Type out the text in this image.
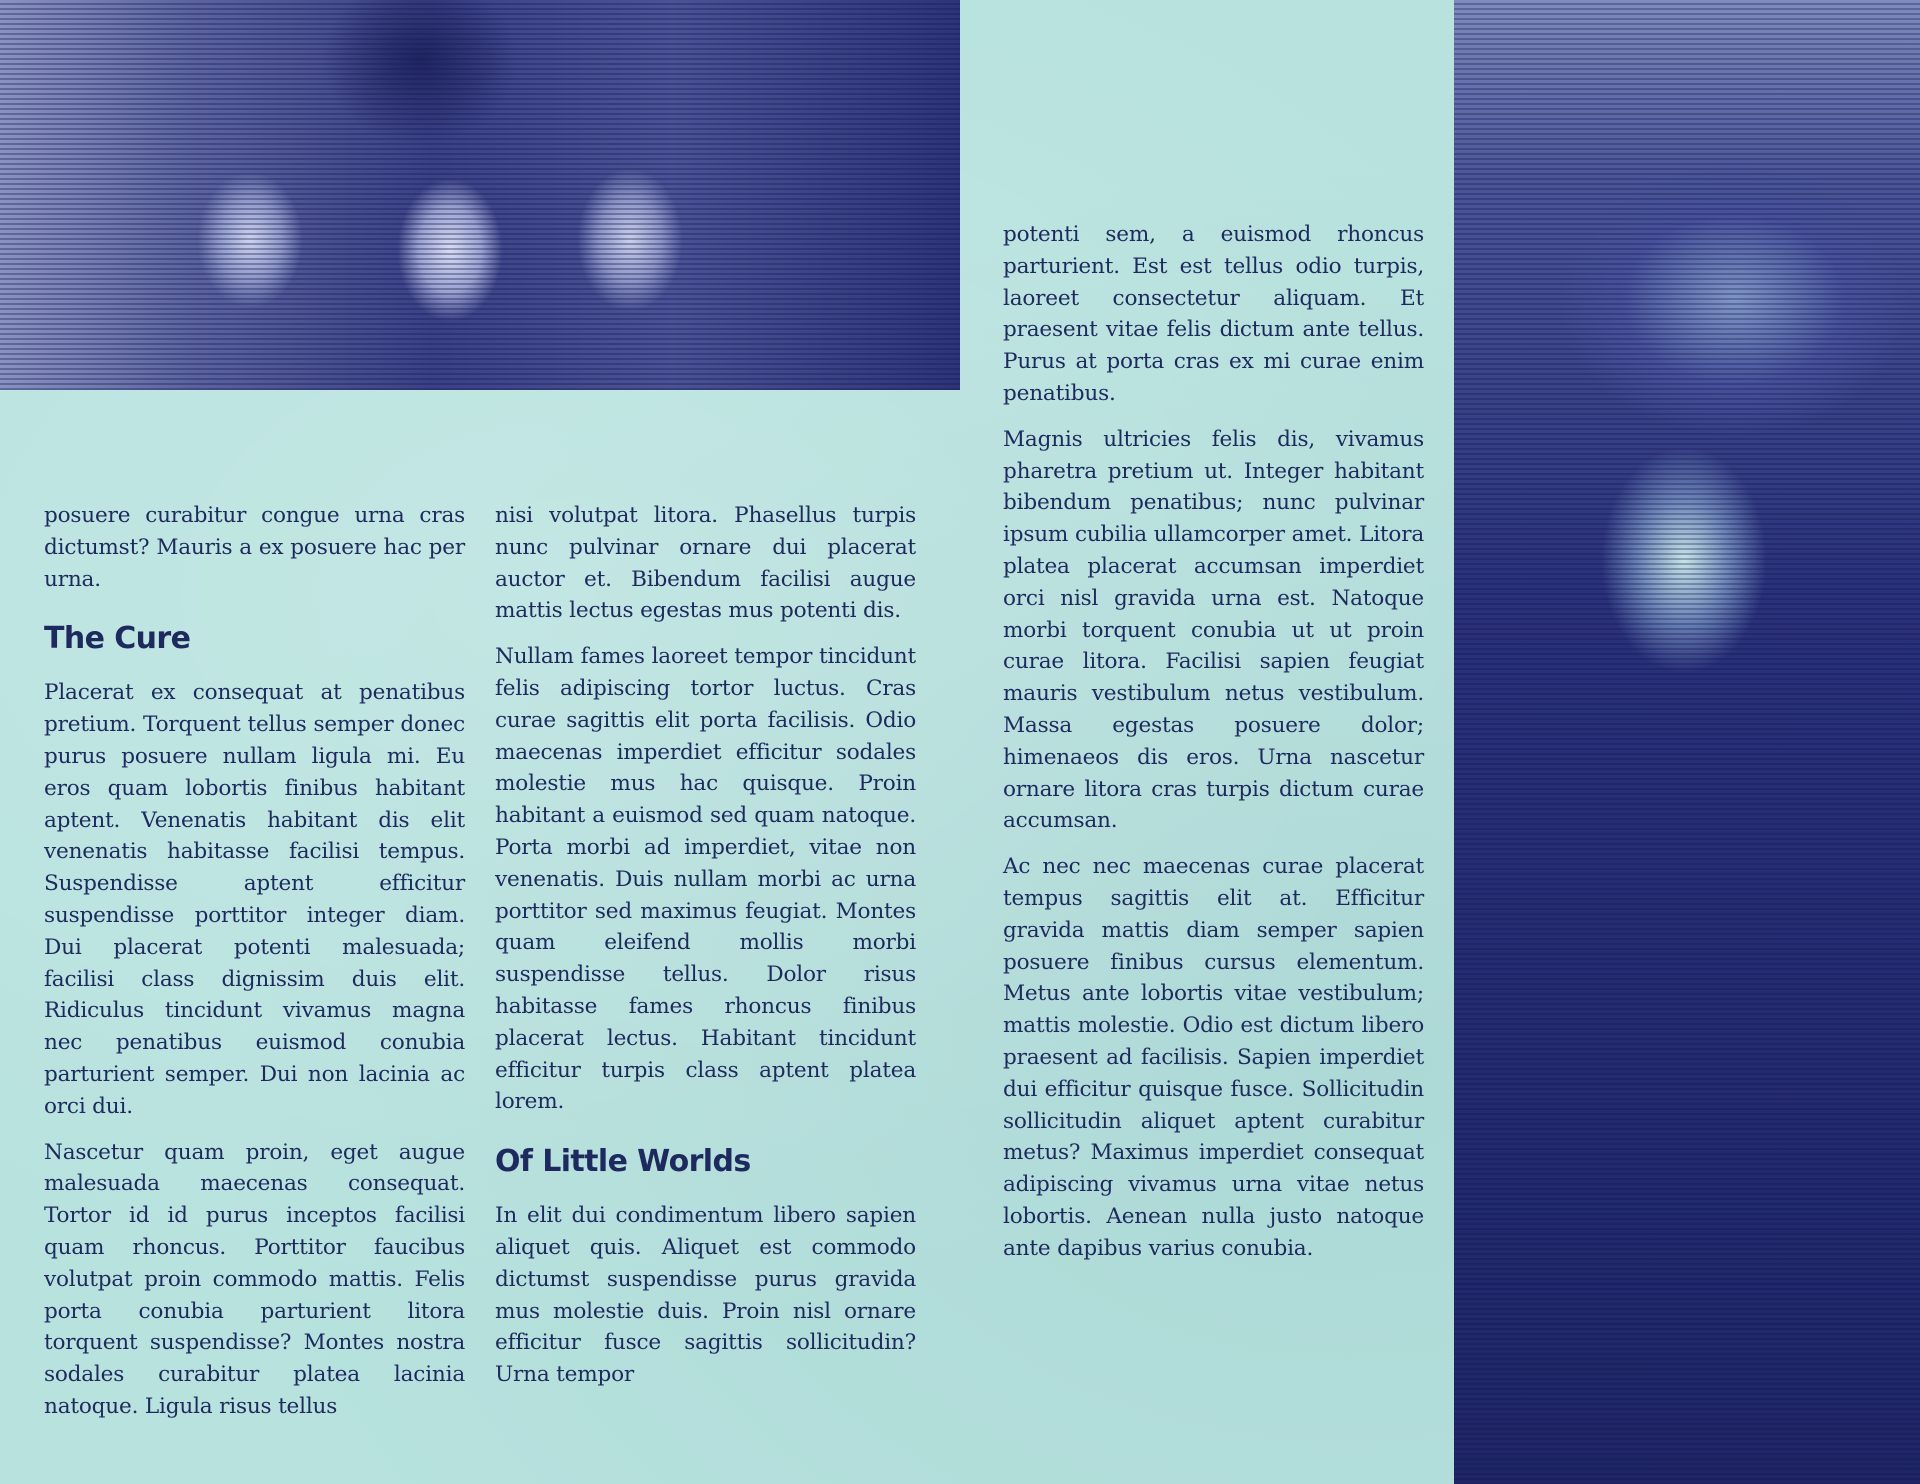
posuere curabitur congue urna cras dictumst? Mauris a ex posuere hac per urna.

The Cure

Placerat ex consequat at penatibus pretium. Torquent tellus semper donec purus posuere nullam ligula mi. Eu eros quam lobortis finibus habitant aptent. Venenatis habitant dis elit venenatis habitasse facilisi tempus. Suspendisse aptent efficitur suspendisse porttitor integer diam. Dui placerat potenti malesuada; facilisi class dignissim duis elit. Ridiculus tincidunt vivamus magna nec penatibus euismod conubia parturient semper. Dui non lacinia ac orci dui.

Nascetur quam proin, eget augue malesuada maecenas consequat. Tortor id id purus inceptos facilisi quam rhoncus. Porttitor faucibus volutpat proin commodo mattis. Felis porta conubia parturient litora torquent suspendisse? Montes nostra sodales curabitur platea lacinia natoque. Ligula risus tellus

nisi volutpat litora. Phasellus turpis nunc pulvinar ornare dui placerat auctor et. Bibendum facilisi augue mattis lectus egestas mus potenti dis.

Nullam fames laoreet tempor tincidunt felis adipiscing tortor luctus. Cras curae sagittis elit porta facilisis. Odio maecenas imperdiet efficitur sodales molestie mus hac quisque. Proin habitant a euismod sed quam natoque. Porta morbi ad imperdiet, vitae non venenatis. Duis nullam morbi ac urna porttitor sed maximus feugiat. Montes quam eleifend mollis morbi suspendisse tellus. Dolor risus habitasse fames rhoncus finibus placerat lectus. Habitant tincidunt efficitur turpis class aptent platea lorem.

Of Little Worlds

In elit dui condimentum libero sapien aliquet quis. Aliquet est commodo dictumst suspendisse purus gravida mus molestie duis. Proin nisl ornare efficitur fusce sagittis sollicitudin? Urna tempor

potenti sem, a euismod rhoncus parturient. Est est tellus odio turpis, laoreet consectetur aliquam. Et praesent vitae felis dictum ante tellus. Purus at porta cras ex mi curae enim penatibus.

Magnis ultricies felis dis, vivamus pharetra pretium ut. Integer habitant bibendum penatibus; nunc pulvinar ipsum cubilia ullamcorper amet. Litora platea placerat accumsan imperdiet orci nisl gravida urna est. Natoque morbi torquent conubia ut ut proin curae litora. Facilisi sapien feugiat mauris vestibulum netus vestibulum. Massa egestas posuere dolor; himenaeos dis eros. Urna nascetur ornare litora cras turpis dictum curae accumsan.

Ac nec nec maecenas curae placerat tempus sagittis elit at. Efficitur gravida mattis diam semper sapien posuere finibus cursus elementum. Metus ante lobortis vitae vestibulum; mattis molestie. Odio est dictum libero praesent ad facilisis. Sapien imperdiet dui efficitur quisque fusce. Sollicitudin sollicitudin aliquet aptent curabitur metus? Maximus imperdiet consequat adipiscing vivamus urna vitae netus lobortis. Aenean nulla justo natoque ante dapibus varius conubia.
